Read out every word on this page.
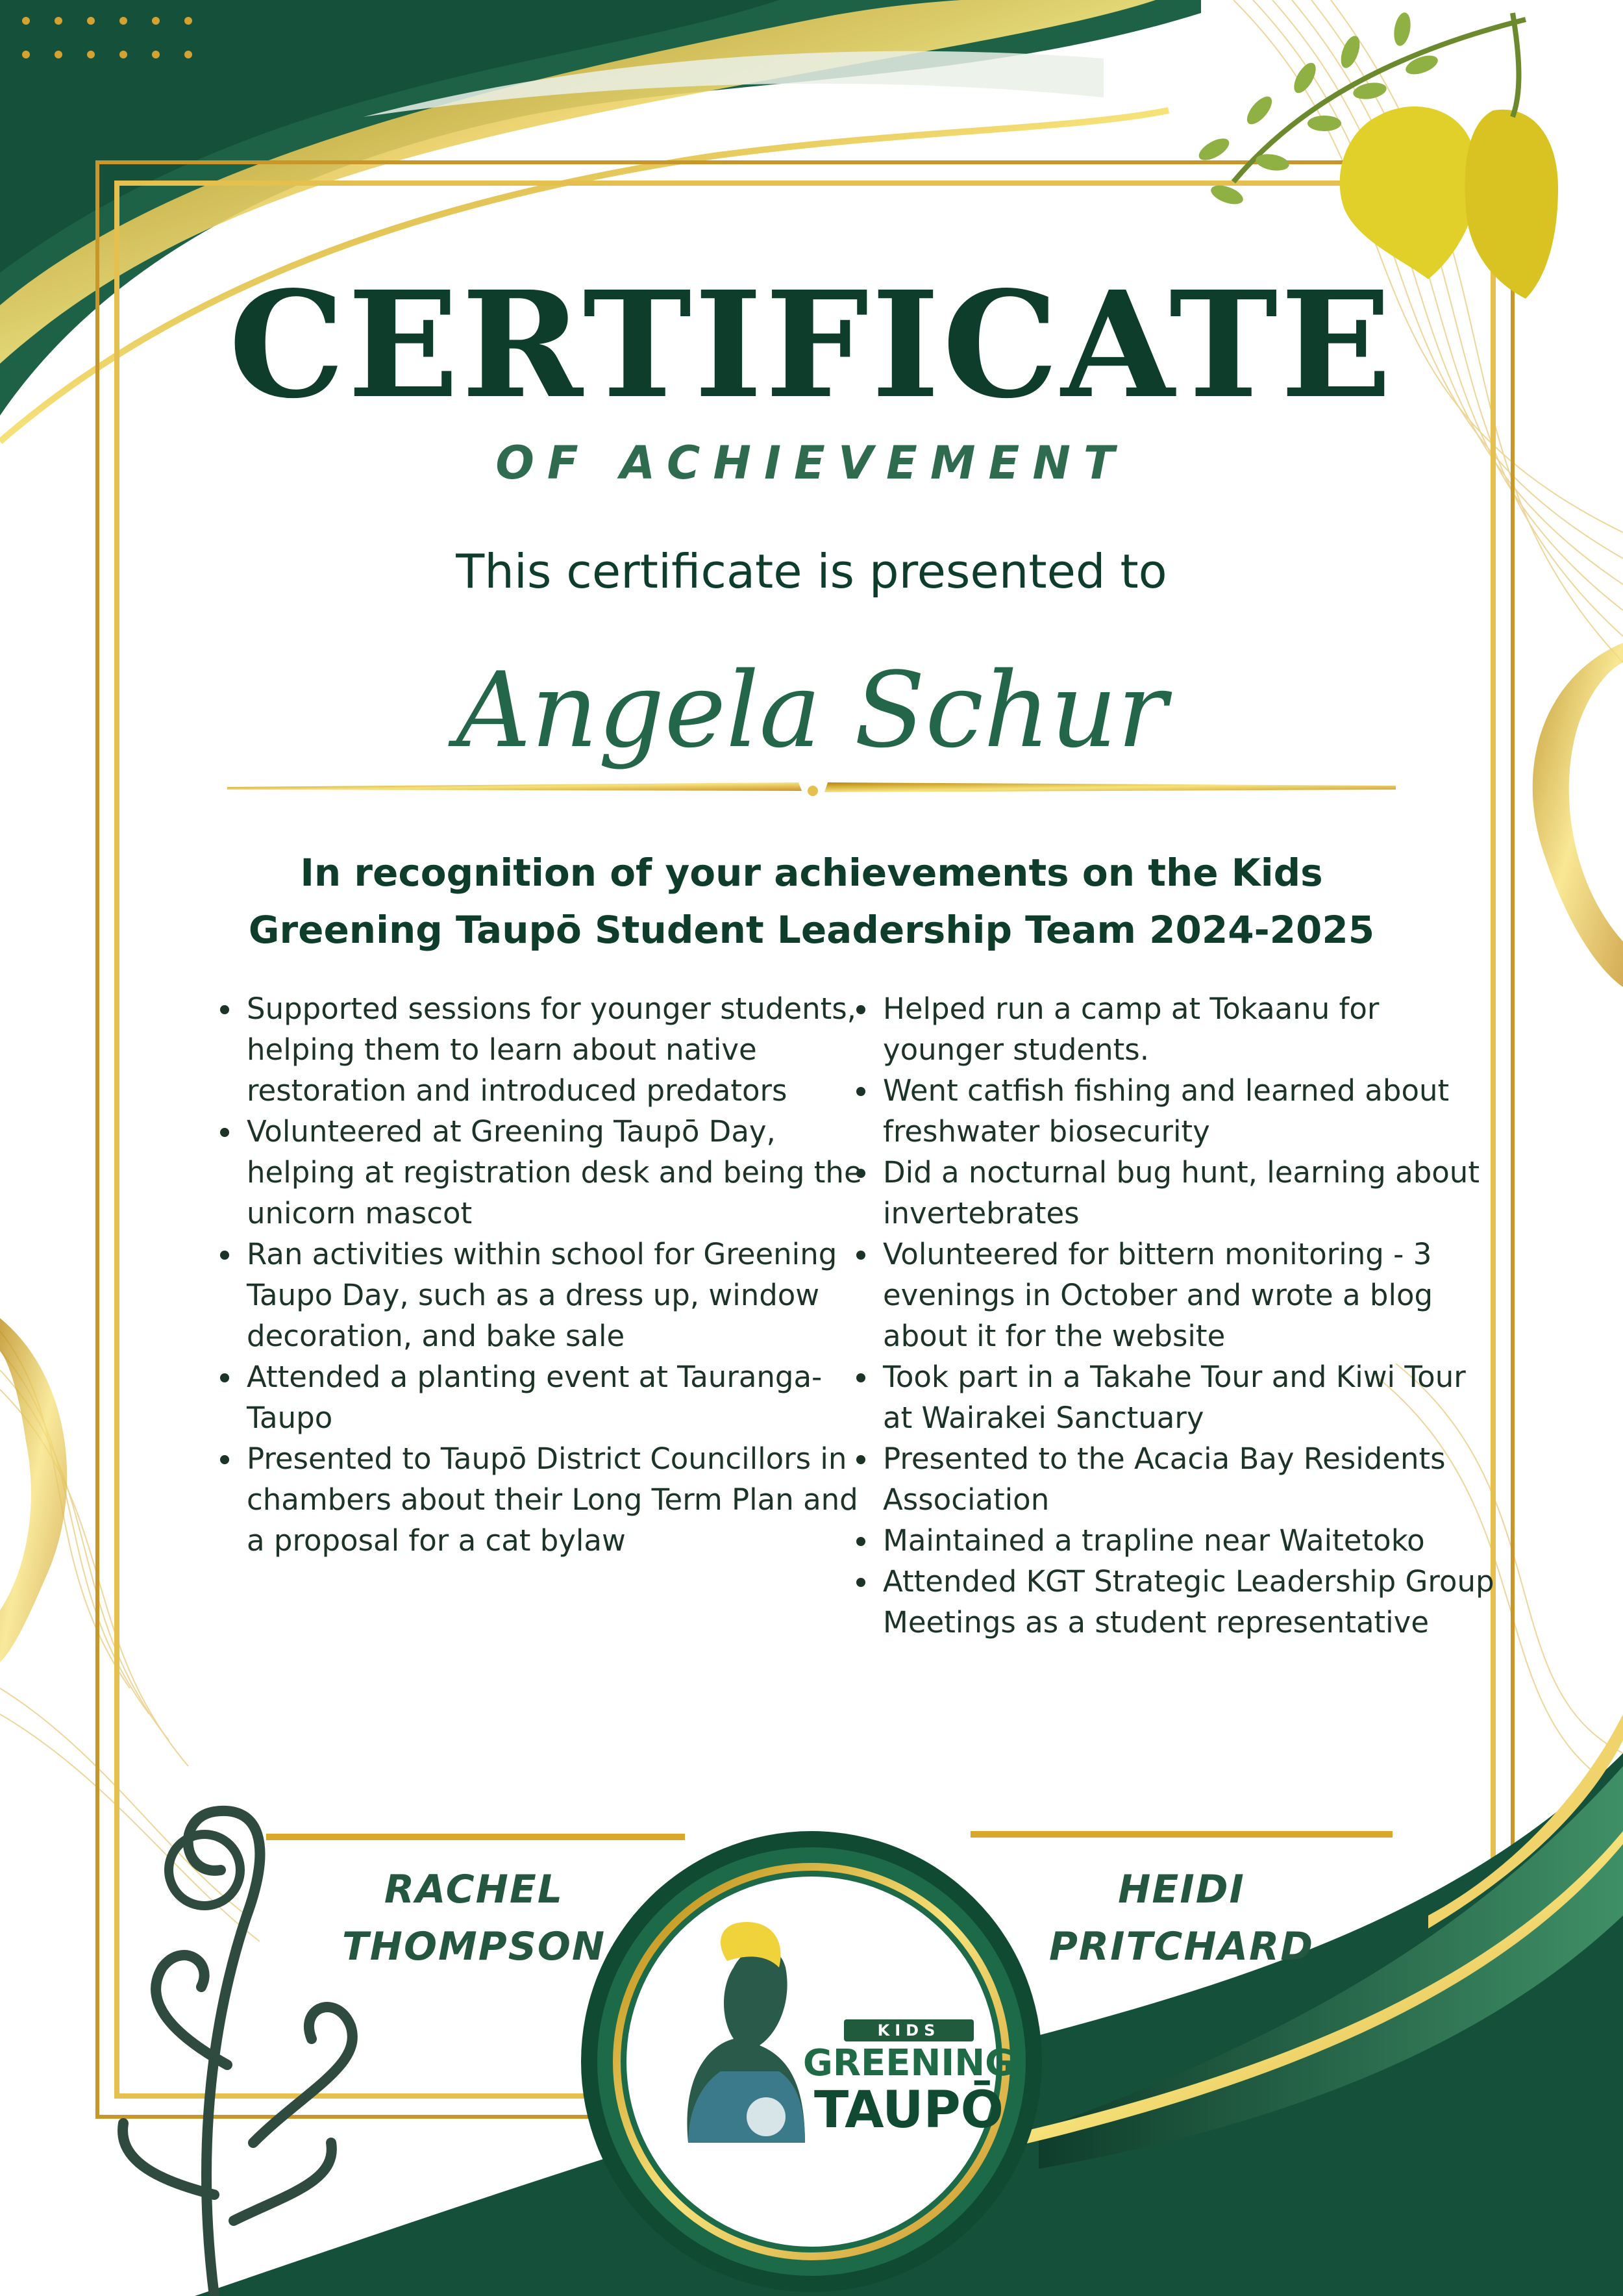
CERTIFICATE
OF ACHIEVEMENT
This certificate is presented to
Angela Schur
In recognition of your achievements on the Kids
Greening Taupō Student Leadership Team 2024-2025
• Supported sessions for younger students, helping them to learn about native restoration and introduced predators
• Volunteered at Greening Taupō Day, helping at registration desk and being the unicorn mascot
• Ran activities within school for Greening Taupo Day, such as a dress up, window decoration, and bake sale
• Attended a planting event at Tauranga-Taupo
• Presented to Taupō District Councillors in chambers about their Long Term Plan and a proposal for a cat bylaw
• Helped run a camp at Tokaanu for younger students.
• Went catfish fishing and learned about freshwater biosecurity
• Did a nocturnal bug hunt, learning about invertebrates
• Volunteered for bittern monitoring - 3 evenings in October and wrote a blog about it for the website
• Took part in a Takahe Tour and Kiwi Tour at Wairakei Sanctuary
• Presented to the Acacia Bay Residents Association
• Maintained a trapline near Waitetoko
• Attended KGT Strategic Leadership Group Meetings as a student representative
RACHEL
THOMPSON
HEIDI
PRITCHARD
KIDS
GREENING
TAUPŌ
